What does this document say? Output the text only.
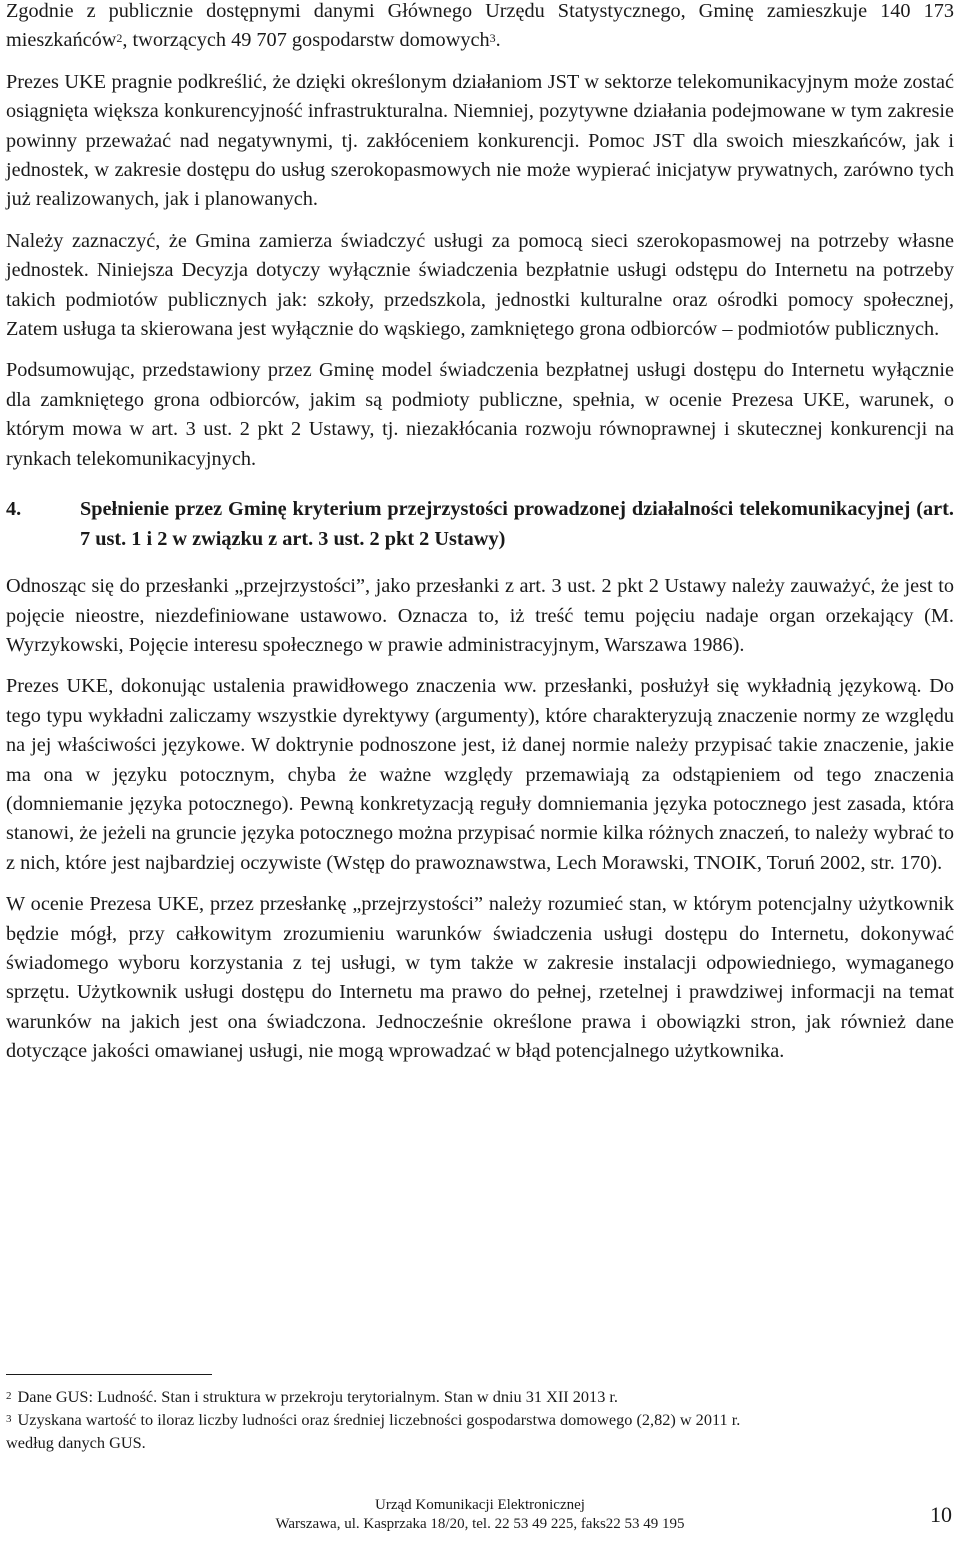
Zgodnie z publicznie dostępnymi danymi Głównego Urzędu Statystycznego, Gminę zamieszkuje 140 173 mieszkańców$^2$, tworzących 49 707 gospodarstw domowych$^3$.

Prezes UKE pragnie podkreślić, że dzięki określonym działaniom JST w sektorze telekomunikacyjnym może zostać osiągnięta większa konkurencyjność infrastrukturalna. Niemniej, pozytywne działania podejmowane w tym zakresie powinny przeważać nad negatywnymi, tj. zakłóceniem konkurencji. Pomoc JST dla swoich mieszkańców, jak i jednostek, w zakresie dostępu do usług szerokopasmowych nie może wypierać inicjatyw prywatnych, zarówno tych już realizowanych, jak i planowanych.

Należy zaznaczyć, że Gmina zamierza świadczyć usługi za pomocą sieci szerokopasmowej na potrzeby własne jednostek. Niniejsza Decyzja dotyczy wyłącznie świadczenia bezpłatnie usługi odstępu do Internetu na potrzeby takich podmiotów publicznych jak: szkoły, przedszkola, jednostki kulturalne oraz ośrodki pomocy społecznej, Zatem usługa ta skierowana jest wyłącznie do wąskiego, zamkniętego grona odbiorców – podmiotów publicznych.

Podsumowując, przedstawiony przez Gminę model świadczenia bezpłatnej usługi dostępu do Internetu wyłącznie dla zamkniętego grona odbiorców, jakim są podmioty publiczne, spełnia, w ocenie Prezesa UKE, warunek, o którym mowa w art. 3 ust. 2 pkt 2 Ustawy, tj. niezakłócania rozwoju równoprawnej i skutecznej konkurencji na rynkach telekomunikacyjnych.

4.	Spełnienie przez Gminę kryterium przejrzystości prowadzonej działalności telekomunikacyjnej (art. 7 ust. 1 i 2 w związku z art. 3 ust. 2 pkt 2 Ustawy)

Odnosząc się do przesłanki „przejrzystości”, jako przesłanki z art. 3 ust. 2 pkt 2 Ustawy należy zauważyć, że jest to pojęcie nieostre, niezdefiniowane ustawowo. Oznacza to, iż treść temu pojęciu nadaje organ orzekający (M. Wyrzykowski, Pojęcie interesu społecznego w prawie administracyjnym, Warszawa 1986).

Prezes UKE, dokonując ustalenia prawidłowego znaczenia ww. przesłanki, posłużył się wykładnią językową. Do tego typu wykładni zaliczamy wszystkie dyrektywy (argumenty), które charakteryzują znaczenie normy ze względu na jej właściwości językowe. W doktrynie podnoszone jest, iż danej normie należy przypisać takie znaczenie, jakie ma ona w języku potocznym, chyba że ważne względy przemawiają za odstąpieniem od tego znaczenia (domniemanie języka potocznego). Pewną konkretyzacją reguły domniemania języka potocznego jest zasada, która stanowi, że jeżeli na gruncie języka potocznego można przypisać normie kilka różnych znaczeń, to należy wybrać to z nich, które jest najbardziej oczywiste (Wstęp do prawoznawstwa, Lech Morawski, TNOIK, Toruń 2002, str. 170).

W ocenie Prezesa UKE, przez przesłankę „przejrzystości” należy rozumieć stan, w którym potencjalny użytkownik będzie mógł, przy całkowitym zrozumieniu warunków świadczenia usługi dostępu do Internetu, dokonywać świadomego wyboru korzystania z tej usługi, w tym także w zakresie instalacji odpowiedniego, wymaganego sprzętu. Użytkownik usługi dostępu do Internetu ma prawo do pełnej, rzetelnej i prawdziwej informacji na temat warunków na jakich jest ona świadczona. Jednocześnie określone prawa i obowiązki stron, jak również dane dotyczące jakości omawianej usługi, nie mogą wprowadzać w błąd potencjalnego użytkownika.

$^2$ Dane GUS: Ludność. Stan i struktura w przekroju terytorialnym. Stan w dniu 31 XII 2013 r.

$^3$ Uzyskana wartość to iloraz liczby ludności oraz średniej liczebności gospodarstwa domowego (2,82) w 2011 r.

według danych GUS.

Urząd Komunikacji Elektronicznej
Warszawa, ul. Kasprzaka 18/20, tel. 22 53 49 225, faks22 53 49 195	10
